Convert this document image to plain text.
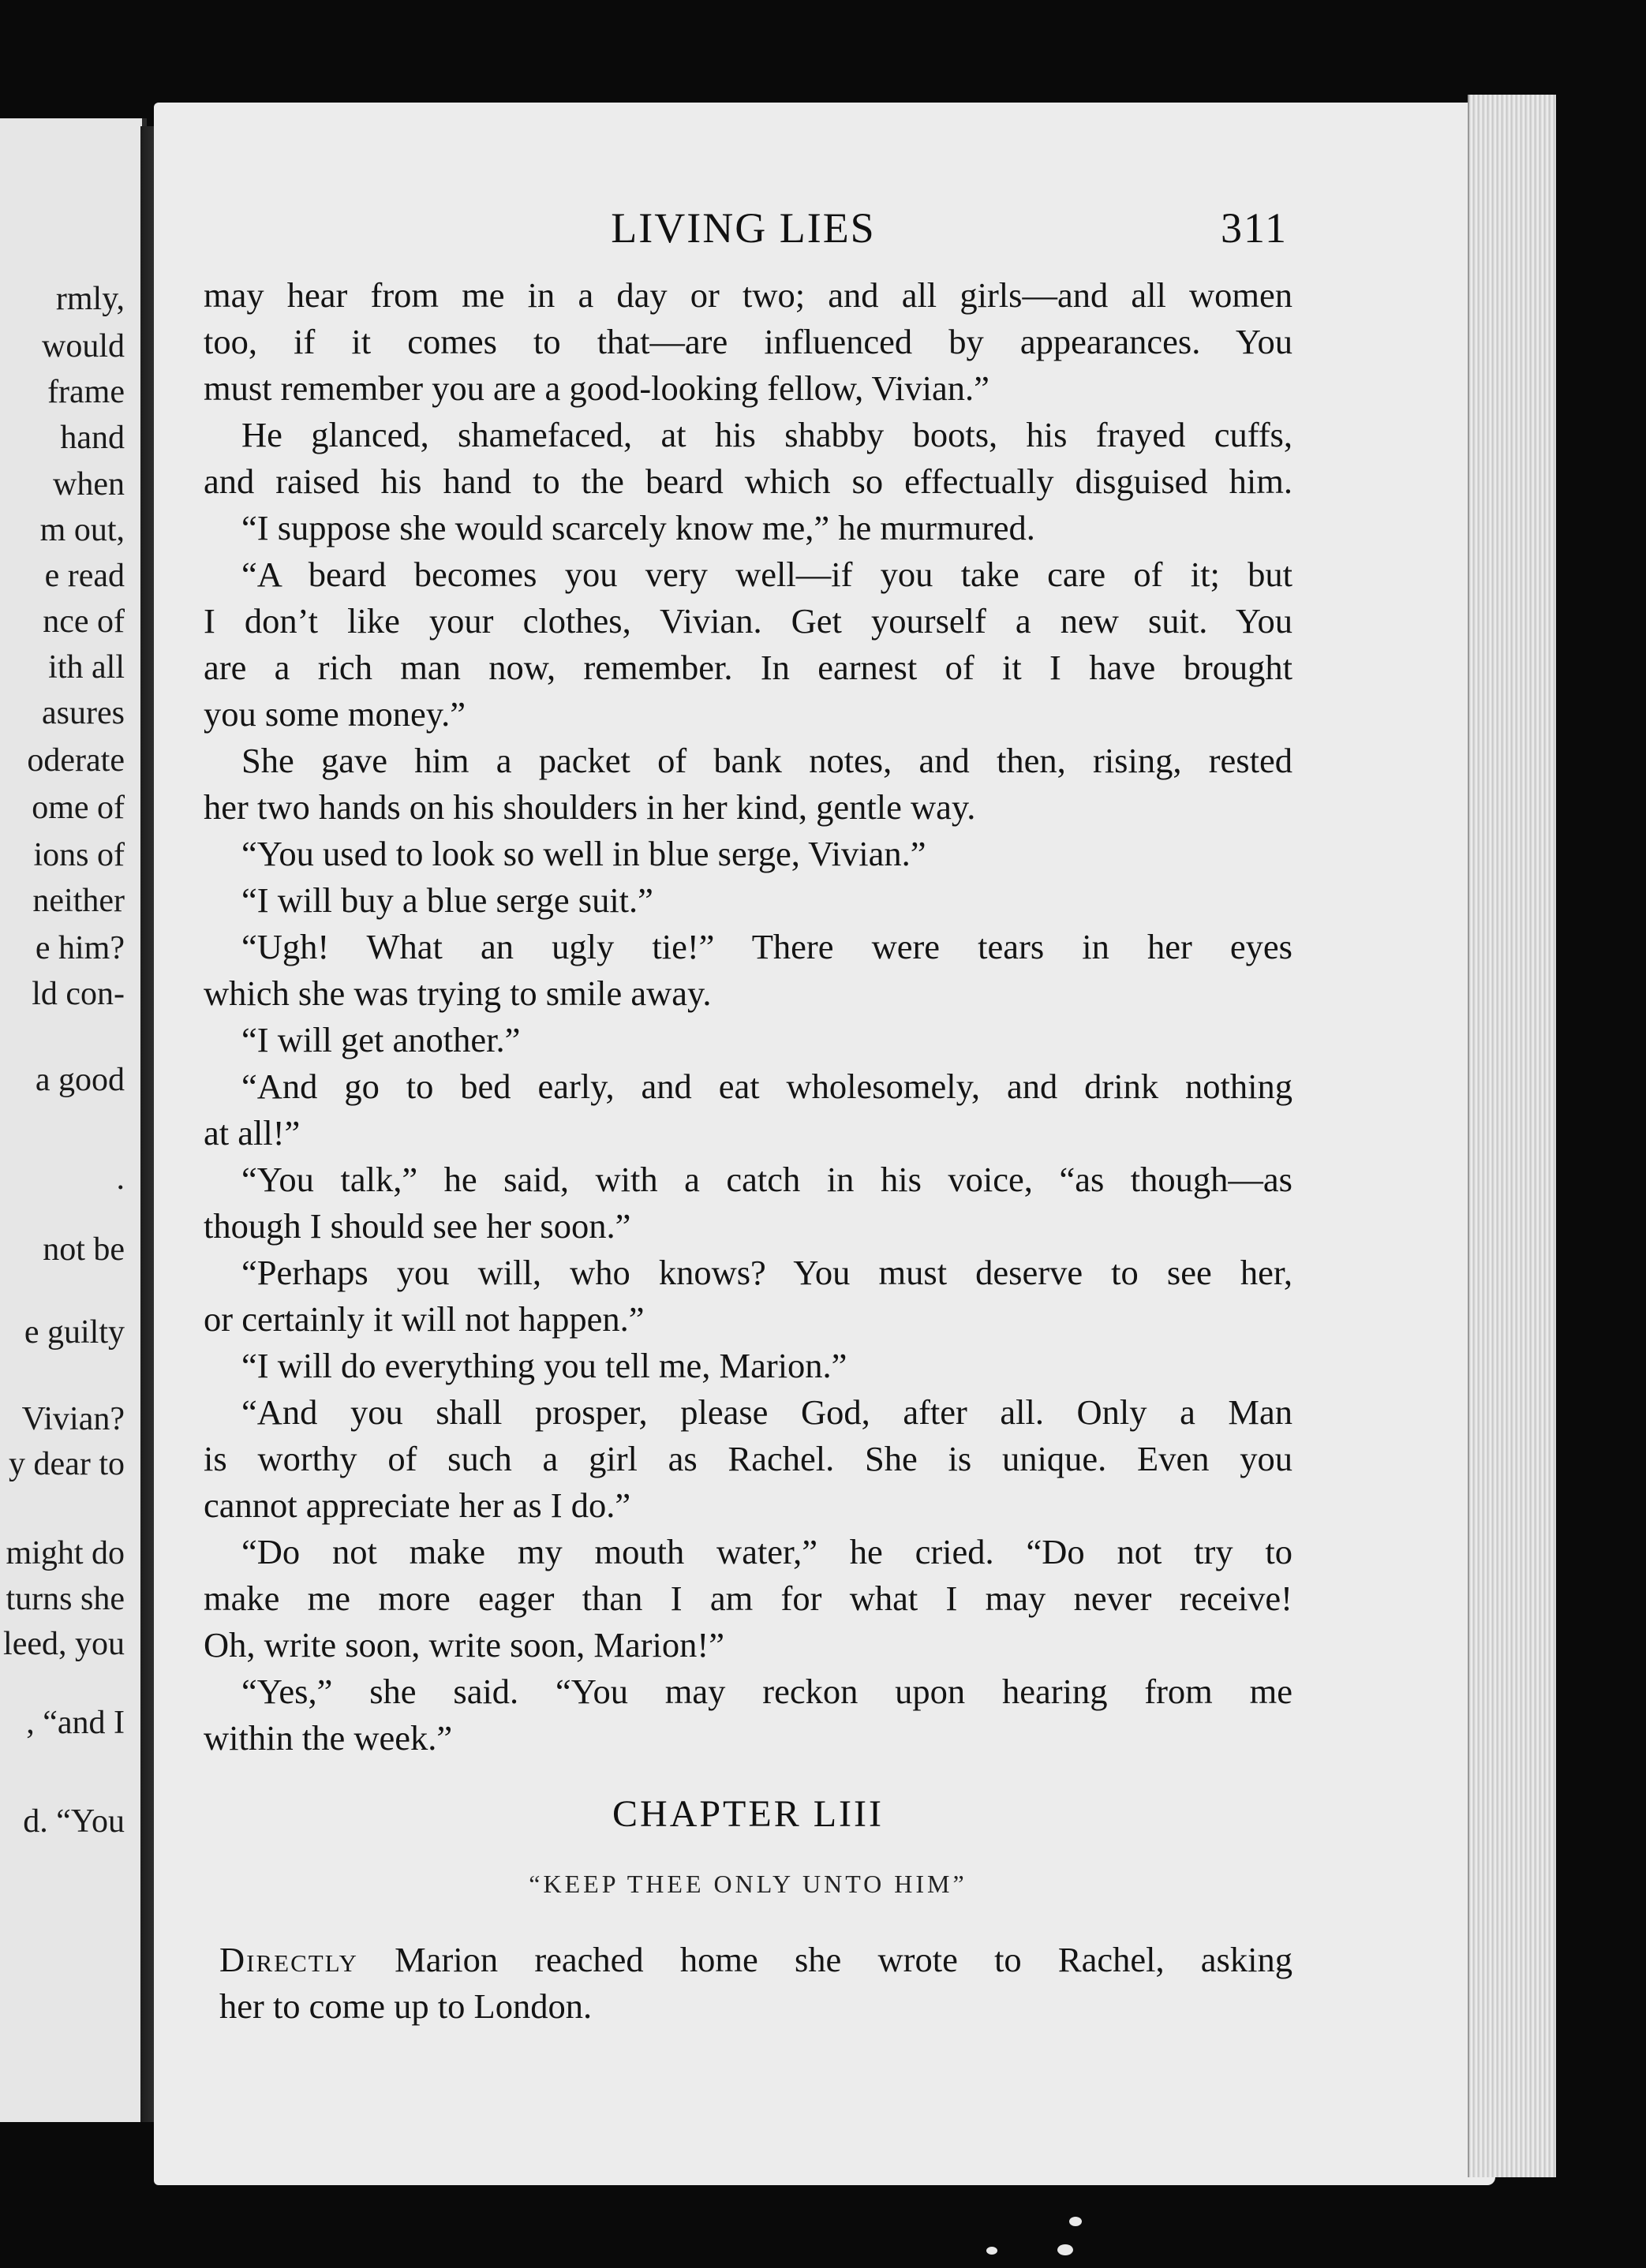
rmly,
would
frame
hand
when
m out,
e read
nce of
ith all
asures
oderate
ome of
ions of
neither
e him?
ld con-
a good
.
not be
e guilty
Vivian?
y dear to
might do
turns she
leed, you
, “and I
d. “You
LIVING LIES	311
may hear from me in a day or two; and all girls—and all women
too, if it comes to that—are influenced by appearances. You
must remember you are a good-looking fellow, Vivian.”
He glanced, shamefaced, at his shabby boots, his frayed cuffs,
and raised his hand to the beard which so effectually disguised him.
“I suppose she would scarcely know me,” he murmured.
“A beard becomes you very well—if you take care of it; but
I don’t like your clothes, Vivian. Get yourself a new suit. You
are a rich man now, remember. In earnest of it I have brought
you some money.”
She gave him a packet of bank notes, and then, rising, rested
her two hands on his shoulders in her kind, gentle way.
“You used to look so well in blue serge, Vivian.”
“I will buy a blue serge suit.”
“Ugh! What an ugly tie!” There were tears in her eyes
which she was trying to smile away.
“I will get another.”
“And go to bed early, and eat wholesomely, and drink nothing
at all!”
“You talk,” he said, with a catch in his voice, “as though—as
though I should see her soon.”
“Perhaps you will, who knows? You must deserve to see her,
or certainly it will not happen.”
“I will do everything you tell me, Marion.”
“And you shall prosper, please God, after all. Only a Man
is worthy of such a girl as Rachel. She is unique. Even you
cannot appreciate her as I do.”
“Do not make my mouth water,” he cried. “Do not try to
make me more eager than I am for what I may never receive!
Oh, write soon, write soon, Marion!”
“Yes,” she said. “You may reckon upon hearing from me
within the week.”
CHAPTER LIII
“KEEP THEE ONLY UNTO HIM”
Directly Marion reached home she wrote to Rachel, asking
her to come up to London.
